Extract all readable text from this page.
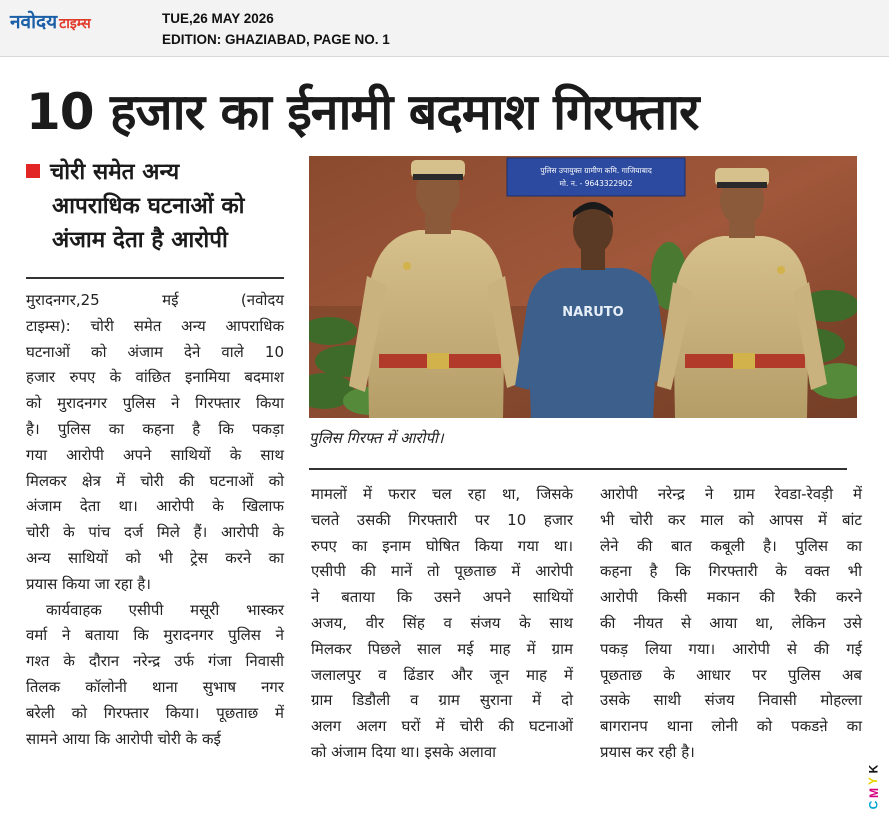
नवोदय टाइम्स	TUE,26 MAY 2026
EDITION: GHAZIABAD, PAGE NO. 1
10 हजार का ईनामी बदमाश गिरफ्तार
चोरी समेत अन्य
आपराधिक घटनाओं को
अंजाम देता है आरोपी
पुलिस उपायुक्त ग्रामीण कमि. गाजियाबाद
मो. न. - 9643322902
NARUTO
पुलिस गिरफ्त में आरोपी।
मुरादनगर,25 मई (नवोदय
टाइम्स): चोरी समेत अन्य आपराधिक
घटनाओं को अंजाम देने वाले 10
हजार रुपए के वांछित इनामिया बदमाश
को मुरादनगर पुलिस ने गिरफ्तार किया
है। पुलिस का कहना है कि पकड़ा
गया आरोपी अपने साथियों के साथ
मिलकर क्षेत्र में चोरी की घटनाओं को
अंजाम देता था। आरोपी के खिलाफ
चोरी के पांच दर्ज मिले हैं। आरोपी के
अन्य साथियों को भी ट्रेस करने का
प्रयास किया जा रहा है।
कार्यवाहक एसीपी मसूरी भास्कर
वर्मा ने बताया कि मुरादनगर पुलिस ने
गश्त के दौरान नरेन्द्र उर्फ गंजा निवासी
तिलक कॉलोनी थाना सुभाष नगर
बरेली को गिरफ्तार किया। पूछताछ में
सामने आया कि आरोपी चोरी के कई
मामलों में फरार चल रहा था, जिसके
चलते उसकी गिरफ्तारी पर 10 हजार
रुपए का इनाम घोषित किया गया था।
एसीपी की मानें तो पूछताछ में आरोपी
ने बताया कि उसने अपने साथियों
अजय, वीर सिंह व संजय के साथ
मिलकर पिछले साल मई माह में ग्राम
जलालपुर व ढिंडार और जून माह में
ग्राम डिडौली व ग्राम सुराना में दो
अलग अलग घरों में चोरी की घटनाओं
को अंजाम दिया था। इसके अलावा
आरोपी नरेन्द्र ने ग्राम रेवडा-रेवड़ी में
भी चोरी कर माल को आपस में बांट
लेने की बात कबूली है। पुलिस का
कहना है कि गिरफ्तारी के वक्त भी
आरोपी किसी मकान की रैकी करने
की नीयत से आया था, लेकिन उसे
पकड़ लिया गया। आरोपी से की गई
पूछताछ के आधार पर पुलिस अब
उसके साथी संजय निवासी मोहल्ला
बागरानप थाना लोनी को पकडऩे का
प्रयास कर रही है।
C
M
Y
K
